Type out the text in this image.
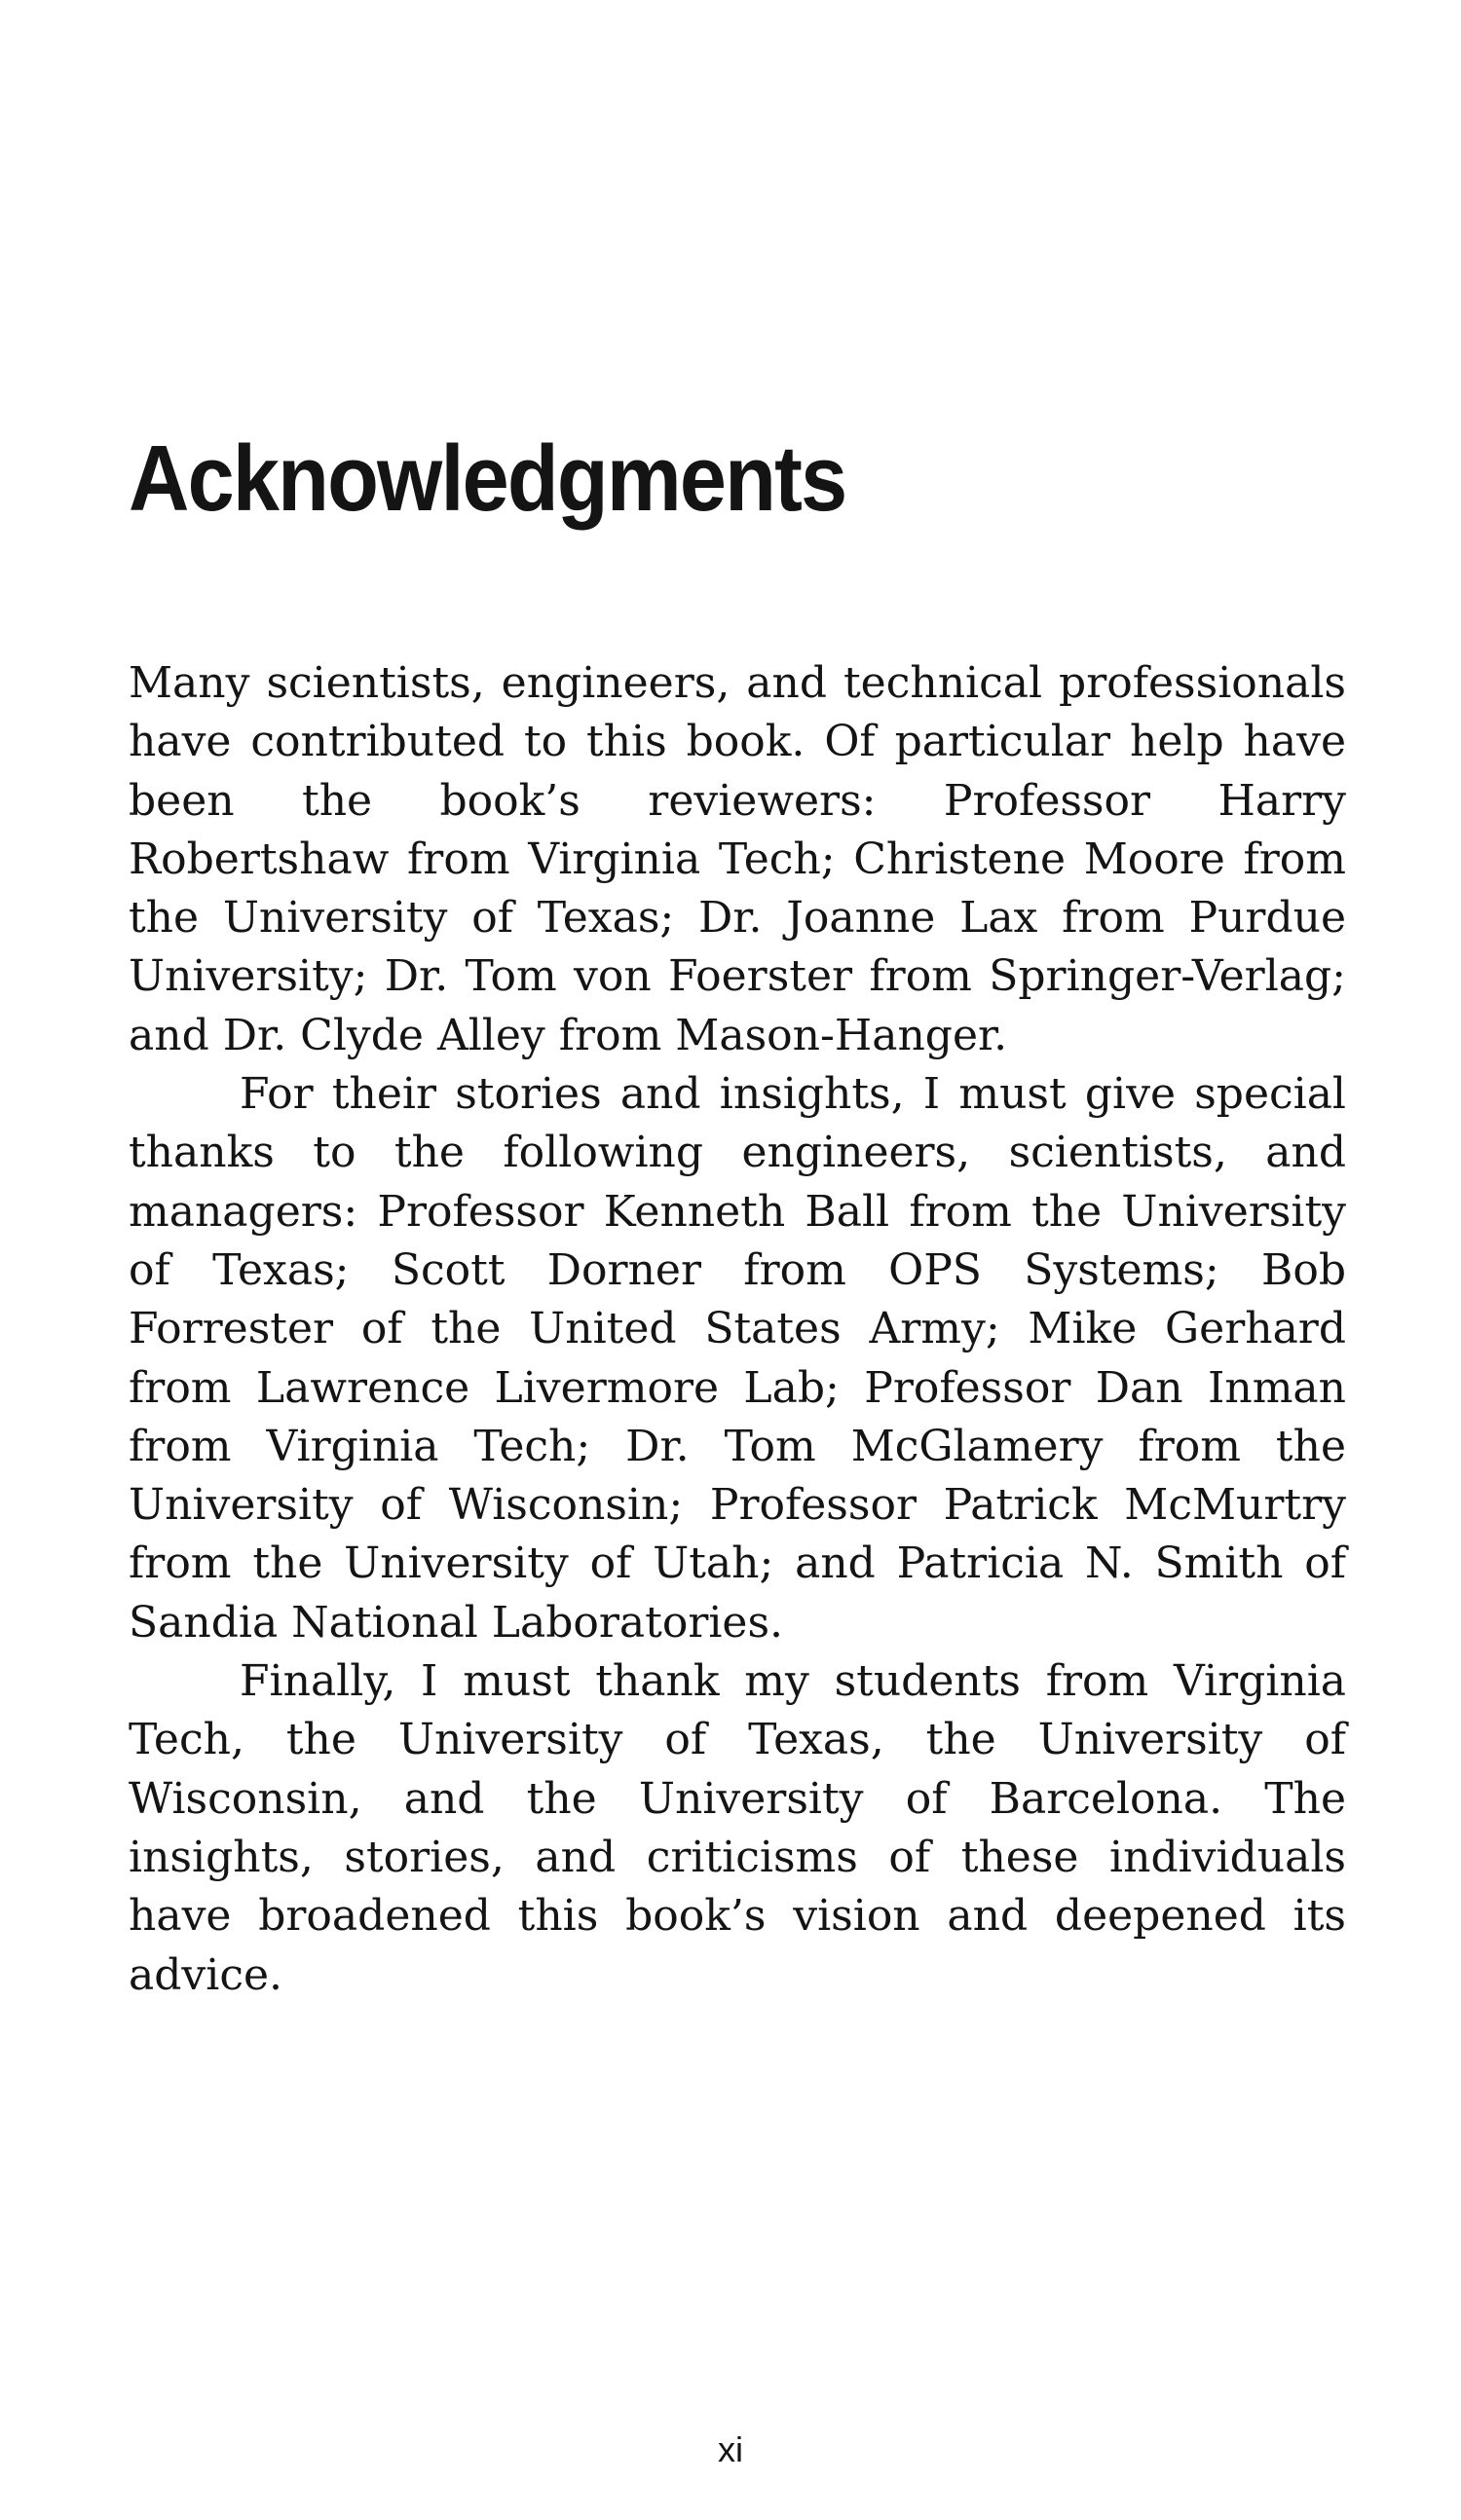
Acknowledgments

Many scientists, engineers, and technical professionals have contributed to this book. Of particular help have been the book’s reviewers: Professor Harry Robertshaw from Virginia Tech; Christene Moore from the University of Texas; Dr. Joanne Lax from Purdue University; Dr. Tom von Foerster from Springer-Verlag; and Dr. Clyde Alley from Mason-Hanger.

For their stories and insights, I must give special thanks to the following engineers, scientists, and managers: Professor Kenneth Ball from the University of Texas; Scott Dorner from OPS Systems; Bob Forrester of the United States Army; Mike Gerhard from Lawrence Livermore Lab; Professor Dan Inman from Virginia Tech; Dr. Tom McGlamery from the University of Wisconsin; Professor Patrick McMurtry from the University of Utah; and Patricia N. Smith of Sandia National Laboratories.

Finally, I must thank my students from Virginia Tech, the University of Texas, the University of Wisconsin, and the University of Barcelona. The insights, stories, and criticisms of these individuals have broadened this book’s vision and deepened its advice.

xi
